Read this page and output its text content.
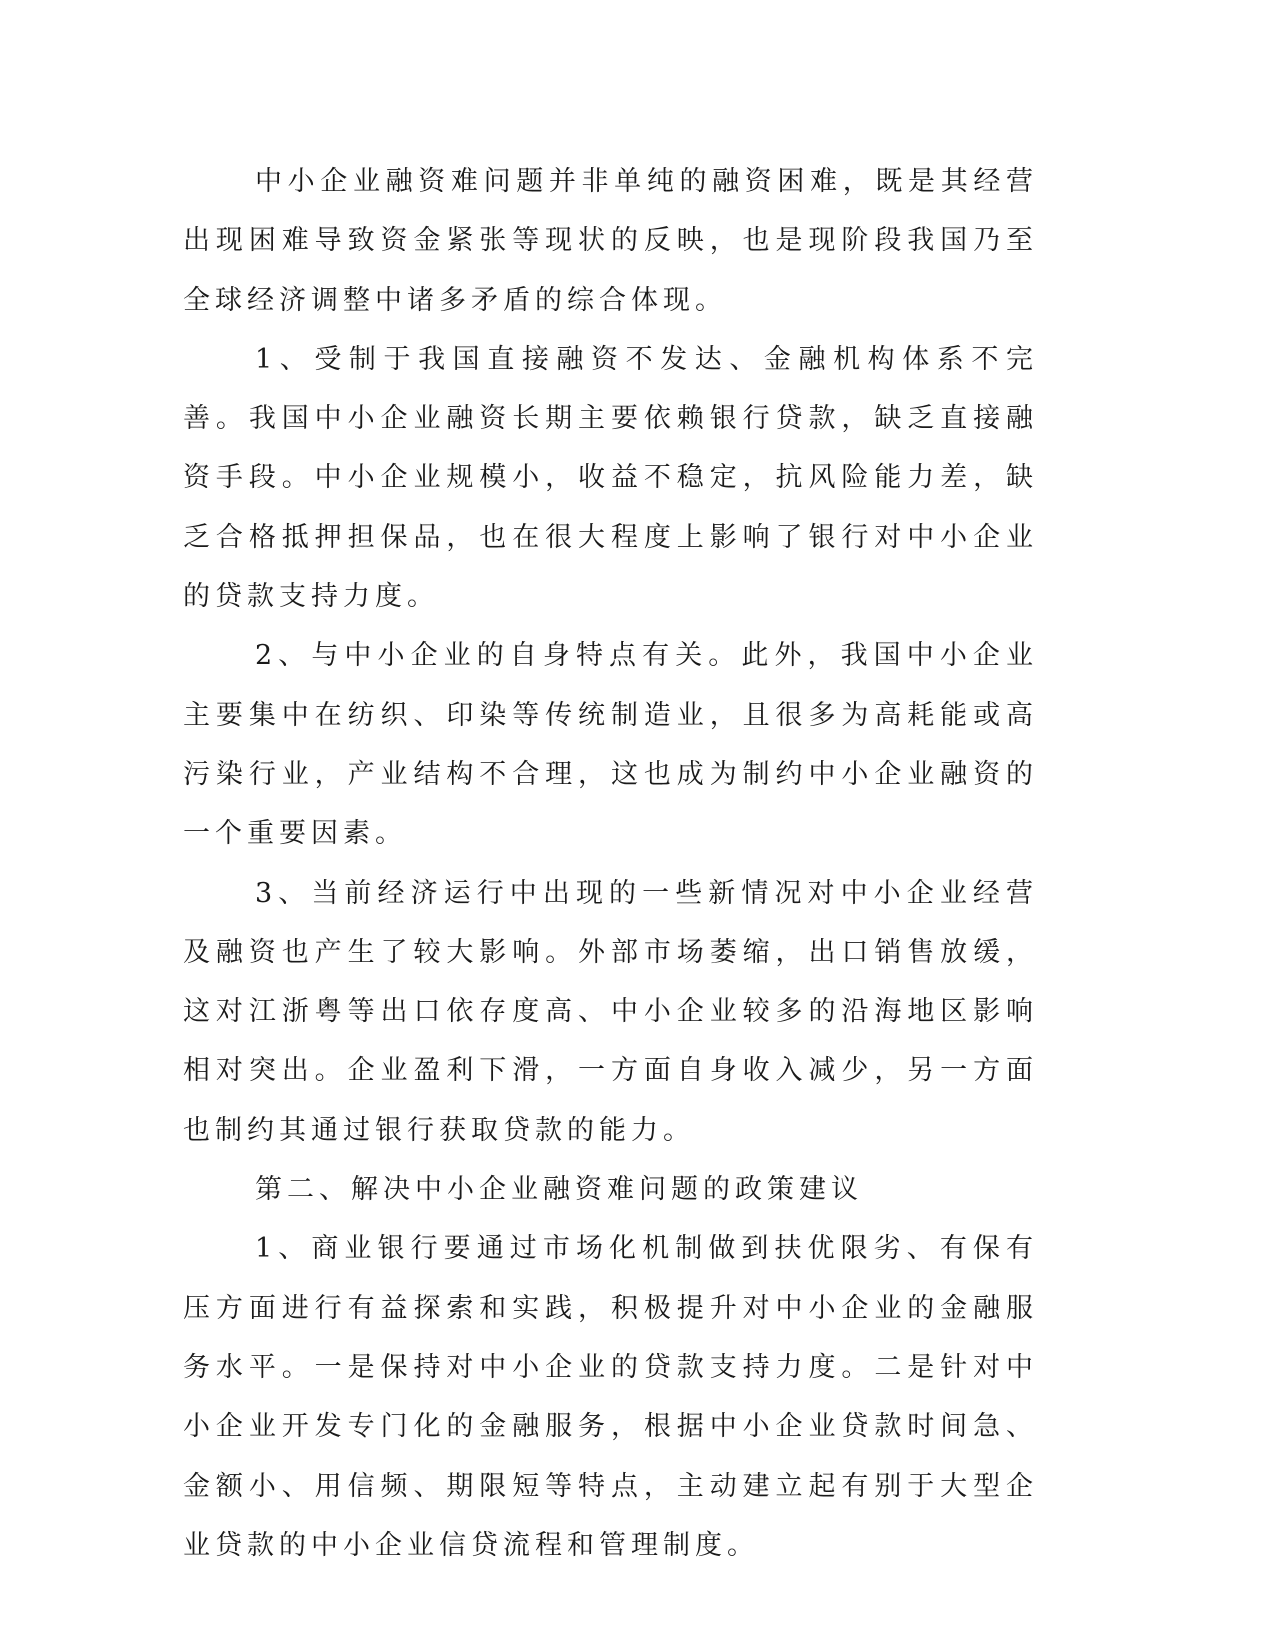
中小企业融资难问题并非单纯的融资困难，既是其经营出现困难导致资金紧张等现状的反映，也是现阶段我国乃至全球经济调整中诸多矛盾的综合体现。

1、受制于我国直接融资不发达、金融机构体系不完善。我国中小企业融资长期主要依赖银行贷款，缺乏直接融资手段。中小企业规模小，收益不稳定，抗风险能力差，缺乏合格抵押担保品，也在很大程度上影响了银行对中小企业的贷款支持力度。

2、与中小企业的自身特点有关。此外，我国中小企业主要集中在纺织、印染等传统制造业，且很多为高耗能或高污染行业，产业结构不合理，这也成为制约中小企业融资的一个重要因素。

3、当前经济运行中出现的一些新情况对中小企业经营及融资也产生了较大影响。外部市场萎缩，出口销售放缓，这对江浙粤等出口依存度高、中小企业较多的沿海地区影响相对突出。企业盈利下滑，一方面自身收入减少，另一方面也制约其通过银行获取贷款的能力。

第二、解决中小企业融资难问题的政策建议

1、商业银行要通过市场化机制做到扶优限劣、有保有压方面进行有益探索和实践，积极提升对中小企业的金融服务水平。一是保持对中小企业的贷款支持力度。二是针对中小企业开发专门化的金融服务，根据中小企业贷款时间急、金额小、用信频、期限短等特点，主动建立起有别于大型企业贷款的中小企业信贷流程和管理制度。
